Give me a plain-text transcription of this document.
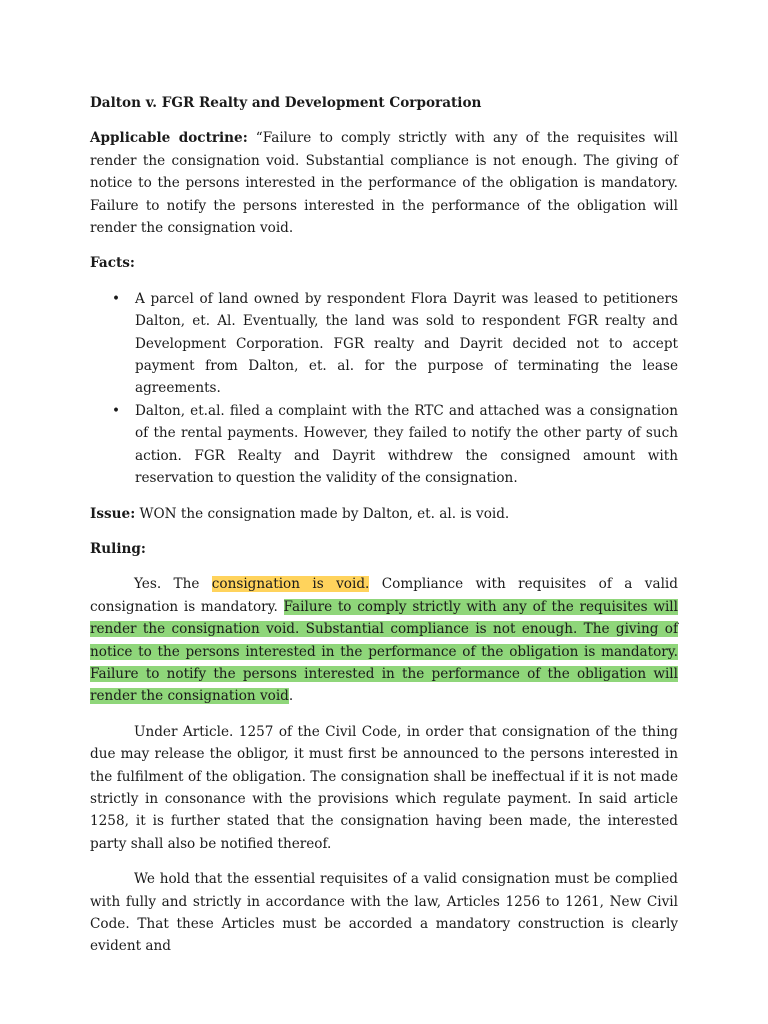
Dalton v. FGR Realty and Development Corporation

Applicable doctrine: “Failure to comply strictly with any of the requisites will render the consignation void. Substantial compliance is not enough. The giving of notice to the persons interested in the performance of the obligation is mandatory. Failure to notify the persons interested in the performance of the obligation will render the consignation void.

Facts:

• A parcel of land owned by respondent Flora Dayrit was leased to petitioners Dalton, et. Al. Eventually, the land was sold to respondent FGR realty and Development Corporation. FGR realty and Dayrit decided not to accept payment from Dalton, et. al. for the purpose of terminating the lease agreements.
• Dalton, et.al. filed a complaint with the RTC and attached was a consignation of the rental payments. However, they failed to notify the other party of such action. FGR Realty and Dayrit withdrew the consigned amount with reservation to question the validity of the consignation.

Issue: WON the consignation made by Dalton, et. al. is void.

Ruling:

Yes. The consignation is void. Compliance with requisites of a valid consignation is mandatory. Failure to comply strictly with any of the requisites will render the consignation void. Substantial compliance is not enough. The giving of notice to the persons interested in the performance of the obligation is mandatory. Failure to notify the persons interested in the performance of the obligation will render the consignation void.

Under Article. 1257 of the Civil Code, in order that consignation of the thing due may release the obligor, it must first be announced to the persons interested in the fulfilment of the obligation. The consignation shall be ineffectual if it is not made strictly in consonance with the provisions which regulate payment. In said article 1258, it is further stated that the consignation having been made, the interested party shall also be notified thereof.

We hold that the essential requisites of a valid consignation must be complied with fully and strictly in accordance with the law, Articles 1256 to 1261, New Civil Code. That these Articles must be accorded a mandatory construction is clearly evident and
